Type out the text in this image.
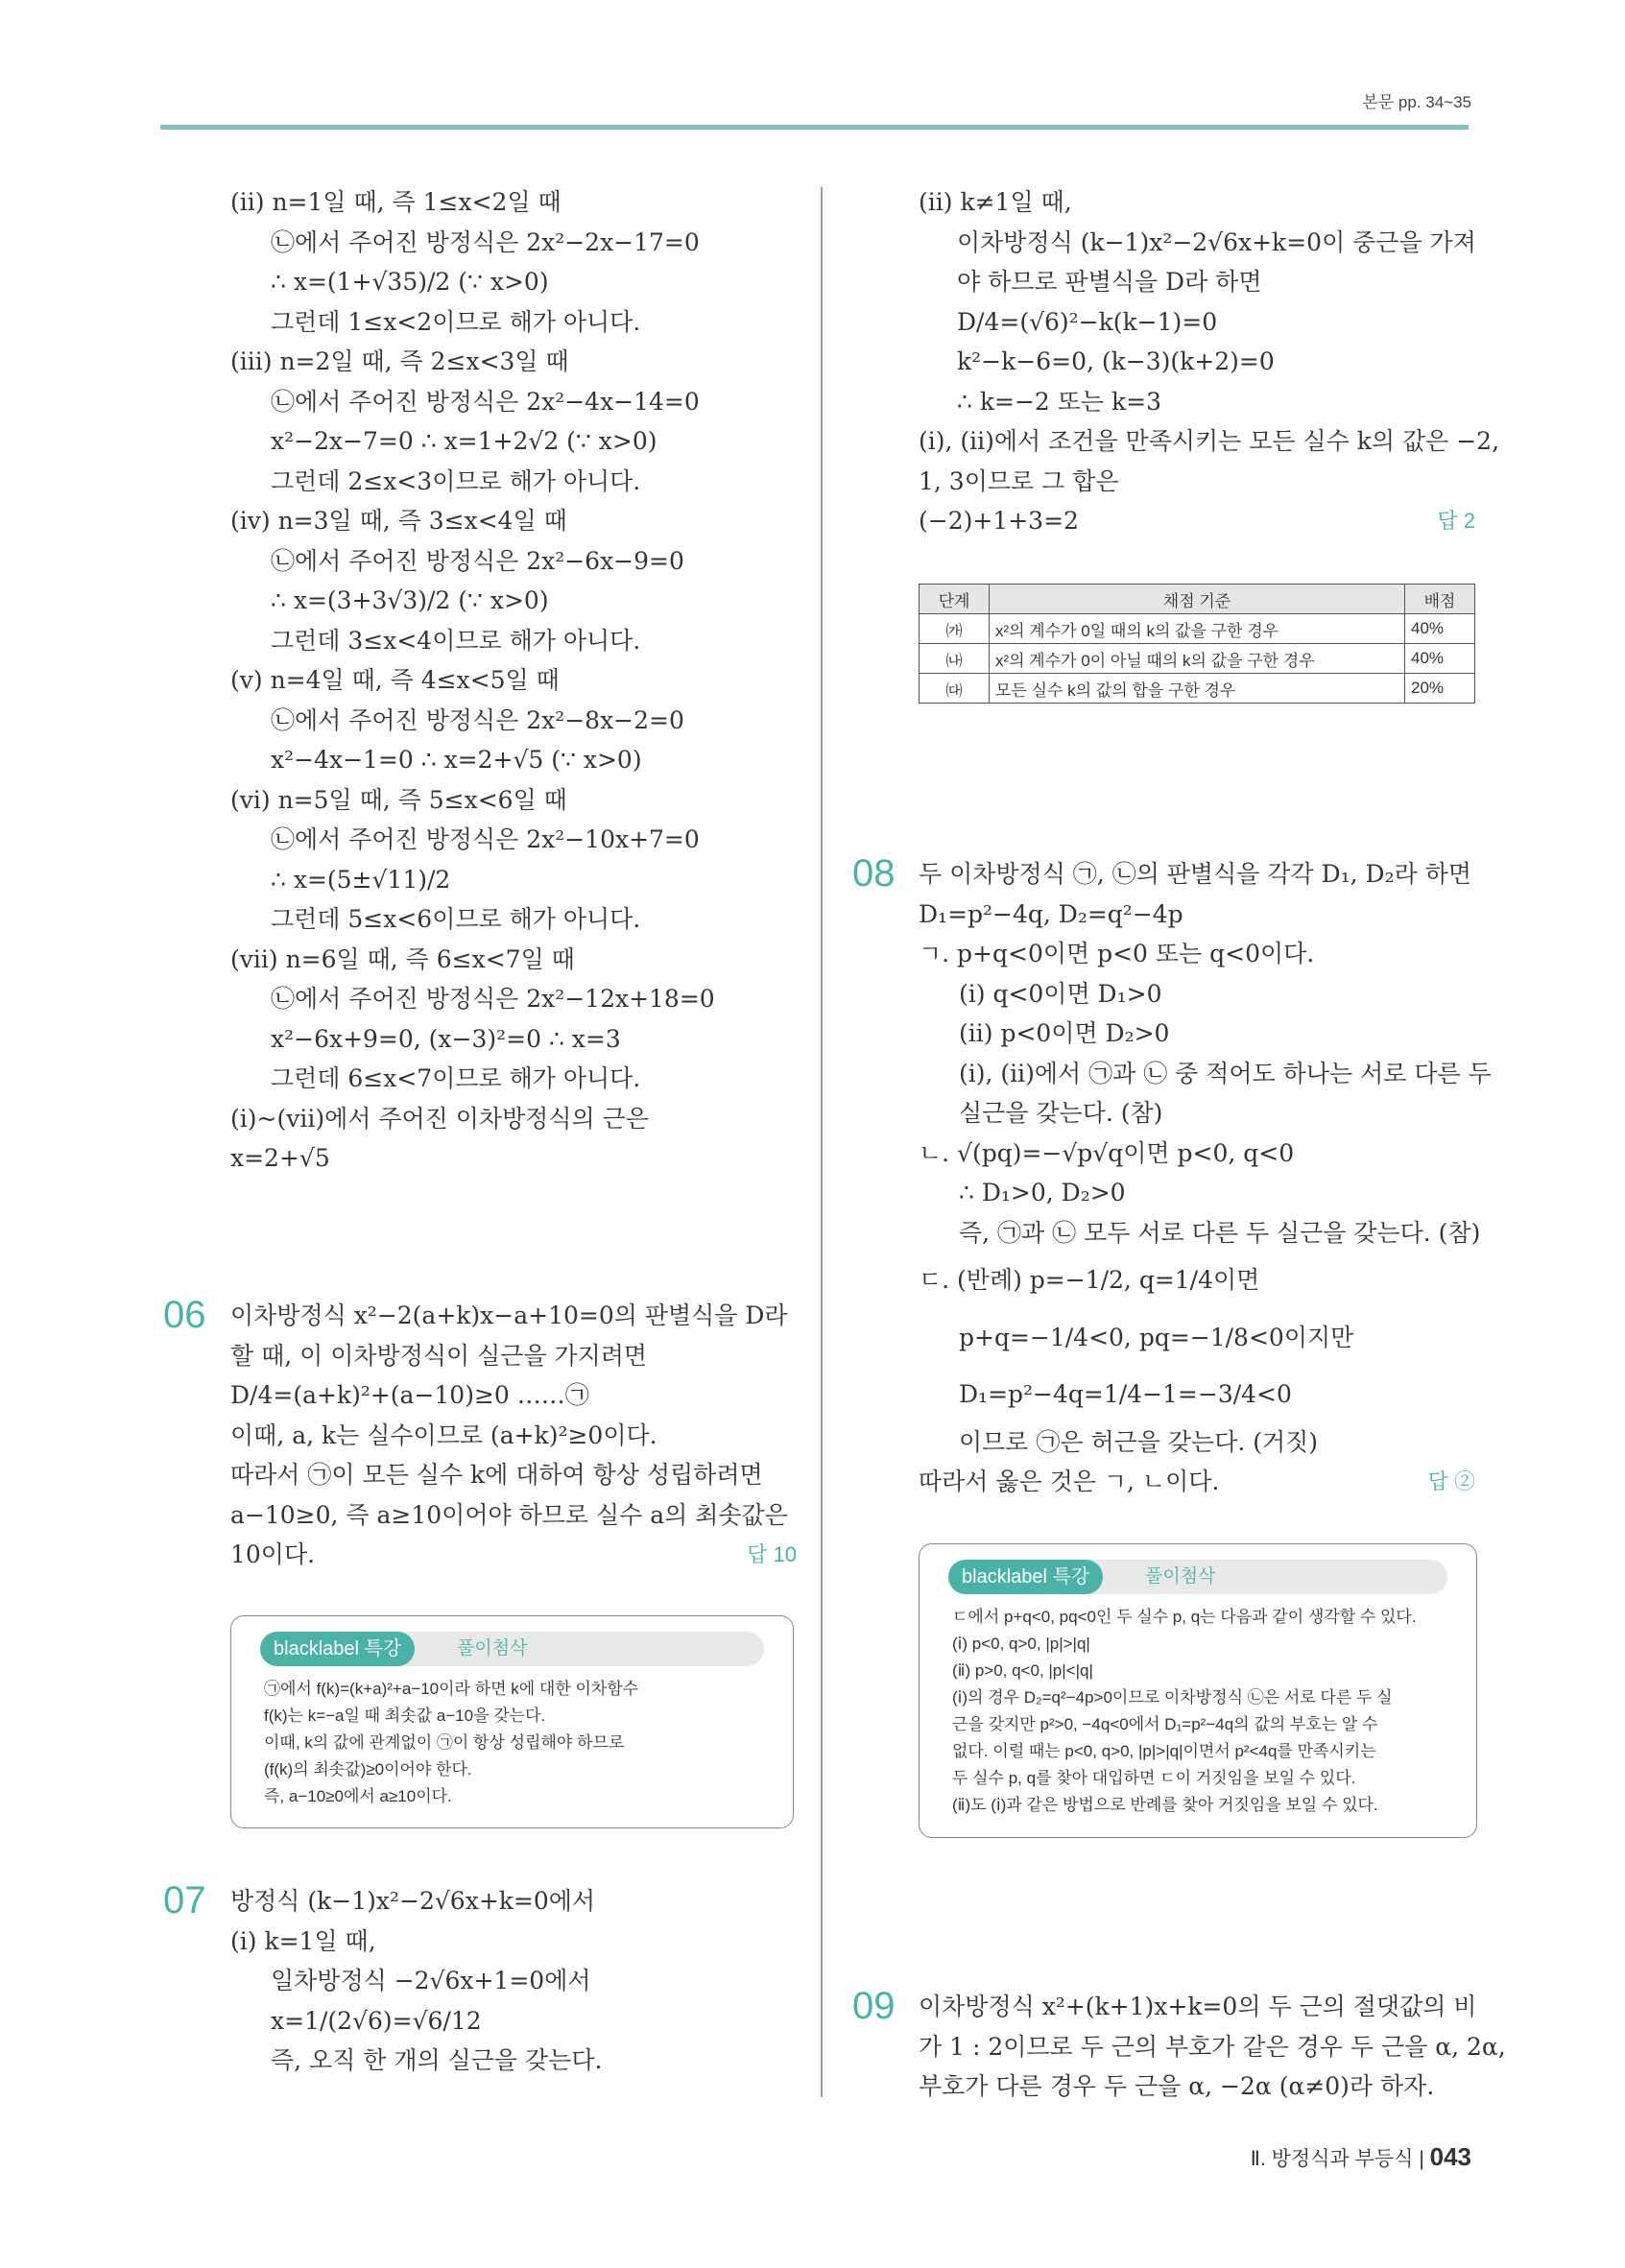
본문 pp. 34~35
(ⅱ) n=1일 때, 즉 1≤x<2일 때
㉡에서 주어진 방정식은 2x²−2x−17=0
∴ x=(1+√35)/2 (∵ x>0)
그런데 1≤x<2이므로 해가 아니다.
(ⅲ) n=2일 때, 즉 2≤x<3일 때
㉡에서 주어진 방정식은 2x²−4x−14=0
x²−2x−7=0 ∴ x=1+2√2 (∵ x>0)
그런데 2≤x<3이므로 해가 아니다.
(ⅳ) n=3일 때, 즉 3≤x<4일 때
㉡에서 주어진 방정식은 2x²−6x−9=0
∴ x=(3+3√3)/2 (∵ x>0)
그런데 3≤x<4이므로 해가 아니다.
(ⅴ) n=4일 때, 즉 4≤x<5일 때
㉡에서 주어진 방정식은 2x²−8x−2=0
x²−4x−1=0 ∴ x=2+√5 (∵ x>0)
(ⅵ) n=5일 때, 즉 5≤x<6일 때
㉡에서 주어진 방정식은 2x²−10x+7=0
∴ x=(5±√11)/2
그런데 5≤x<6이므로 해가 아니다.
(ⅶ) n=6일 때, 즉 6≤x<7일 때
㉡에서 주어진 방정식은 2x²−12x+18=0
x²−6x+9=0, (x−3)²=0 ∴ x=3
그런데 6≤x<7이므로 해가 아니다.
(ⅰ)~(ⅶ)에서 주어진 이차방정식의 근은
x=2+√5
06 이차방정식 x²−2(a+k)x−a+10=0의 판별식을 D라
할 때, 이 이차방정식이 실근을 가지려면
D/4=(a+k)²+(a−10)≥0 ……㉠
이때, a, k는 실수이므로 (a+k)²≥0이다.
따라서 ㉠이 모든 실수 k에 대하여 항상 성립하려면
a−10≥0, 즉 a≥10이어야 하므로 실수 a의 최솟값은
10이다.	답 10
blacklabel 특강	풀이첨삭
㉠에서 f(k)=(k+a)²+a−10이라 하면 k에 대한 이차함수
f(k)는 k=−a일 때 최솟값 a−10을 갖는다.
이때, k의 값에 관계없이 ㉠이 항상 성립해야 하므로
(f(k)의 최솟값)≥0이어야 한다.
즉, a−10≥0에서 a≥10이다.
07 방정식 (k−1)x²−2√6x+k=0에서
(ⅰ) k=1일 때,
일차방정식 −2√6x+1=0에서
x=1/(2√6)=√6/12
즉, 오직 한 개의 실근을 갖는다.
(ⅱ) k≠1일 때,
이차방정식 (k−1)x²−2√6x+k=0이 중근을 가져
야 하므로 판별식을 D라 하면
D/4=(√6)²−k(k−1)=0
k²−k−6=0, (k−3)(k+2)=0
∴ k=−2 또는 k=3
(ⅰ), (ⅱ)에서 조건을 만족시키는 모든 실수 k의 값은 −2,
1, 3이므로 그 합은
(−2)+1+3=2	답 2
단계	채점 기준	배점
㈎	x²의 계수가 0일 때의 k의 값을 구한 경우	40%
㈏	x²의 계수가 0이 아닐 때의 k의 값을 구한 경우	40%
㈐	모든 실수 k의 값의 합을 구한 경우	20%
08 두 이차방정식 ㉠, ㉡의 판별식을 각각 D₁, D₂라 하면
D₁=p²−4q, D₂=q²−4p
ㄱ. p+q<0이면 p<0 또는 q<0이다.
(ⅰ) q<0이면 D₁>0
(ⅱ) p<0이면 D₂>0
(ⅰ), (ⅱ)에서 ㉠과 ㉡ 중 적어도 하나는 서로 다른 두
실근을 갖는다. (참)
ㄴ. √(pq)=−√p√q이면 p<0, q<0
∴ D₁>0, D₂>0
즉, ㉠과 ㉡ 모두 서로 다른 두 실근을 갖는다. (참)
ㄷ. (반례) p=−1/2, q=1/4이면
p+q=−1/4<0, pq=−1/8<0이지만
D₁=p²−4q=1/4−1=−3/4<0
이므로 ㉠은 허근을 갖는다. (거짓)
따라서 옳은 것은 ㄱ, ㄴ이다.	답 ②
blacklabel 특강	풀이첨삭
ㄷ에서 p+q<0, pq<0인 두 실수 p, q는 다음과 같이 생각할 수 있다.
(ⅰ) p<0, q>0, |p|>|q|
(ⅱ) p>0, q<0, |p|<|q|
(ⅰ)의 경우 D₂=q²−4p>0이므로 이차방정식 ㉡은 서로 다른 두 실
근을 갖지만 p²>0, −4q<0에서 D₁=p²−4q의 값의 부호는 알 수
없다. 이럴 때는 p<0, q>0, |p|>|q|이면서 p²<4q를 만족시키는
두 실수 p, q를 찾아 대입하면 ㄷ이 거짓임을 보일 수 있다.
(ⅱ)도 (ⅰ)과 같은 방법으로 반례를 찾아 거짓임을 보일 수 있다.
09 이차방정식 x²+(k+1)x+k=0의 두 근의 절댓값의 비
가 1 : 2이므로 두 근의 부호가 같은 경우 두 근을 α, 2α,
부호가 다른 경우 두 근을 α, −2α (α≠0)라 하자.
Ⅱ. 방정식과 부등식 | 043
